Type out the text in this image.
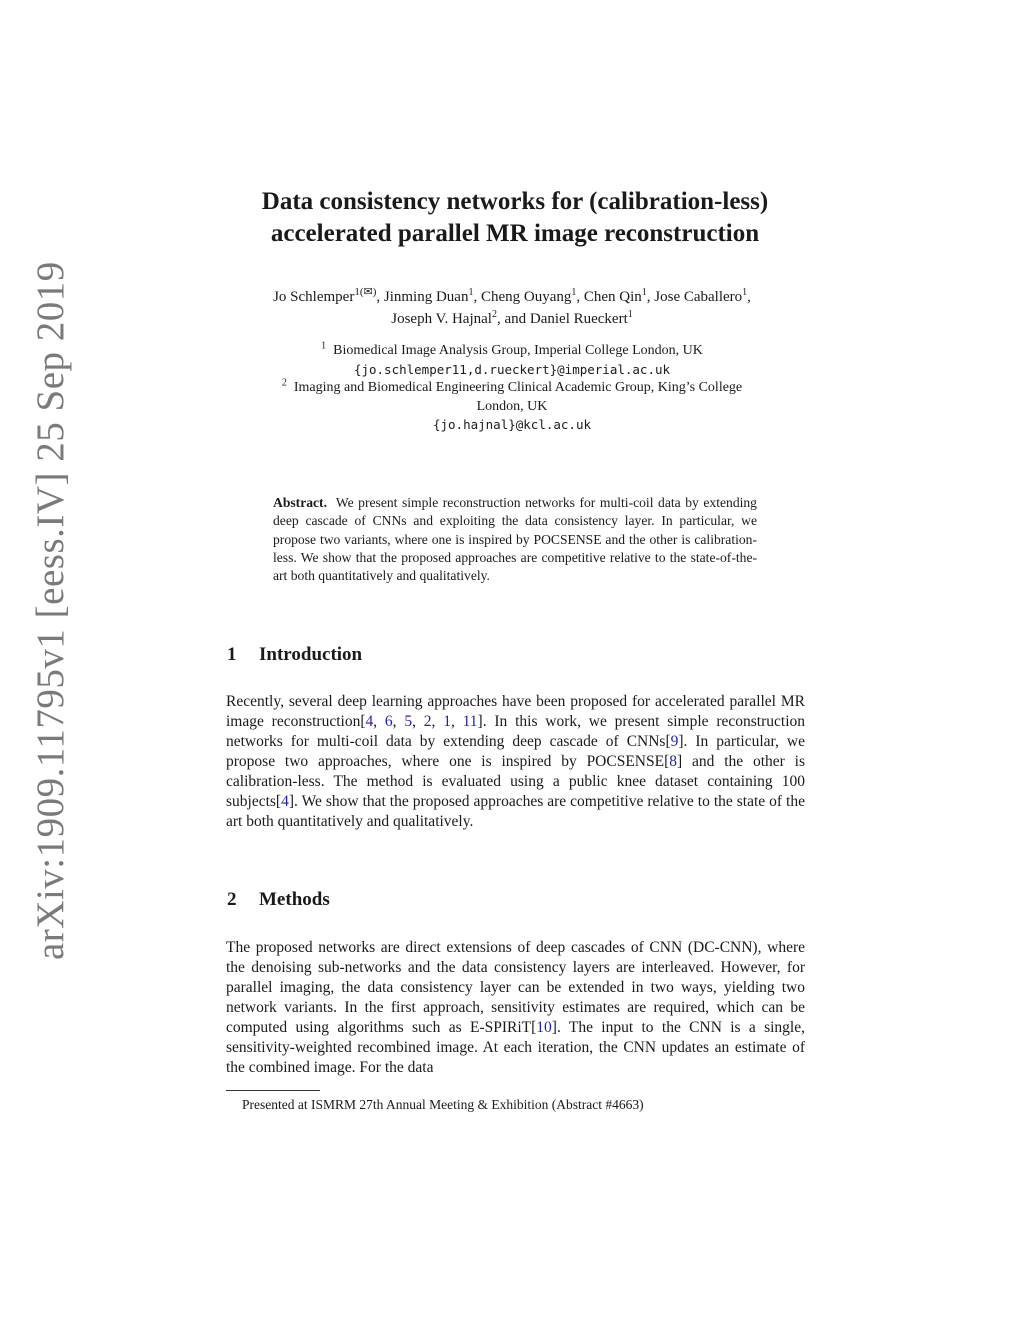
arXiv:1909.11795v1 [eess.IV] 25 Sep 2019
Data consistency networks for (calibration-less)
accelerated parallel MR image reconstruction
Jo Schlemper$^{1(✉)}$, Jinming Duan$^1$, Cheng Ouyang$^1$, Chen Qin$^1$, Jose Caballero$^1$,
Joseph V. Hajnal$^2$, and Daniel Rueckert$^1$
$^1$ Biomedical Image Analysis Group, Imperial College London, UK
{jo.schlemper11,d.rueckert}@imperial.ac.uk
$^2$ Imaging and Biomedical Engineering Clinical Academic Group, King’s College
London, UK
{jo.hajnal}@kcl.ac.uk
Abstract. We present simple reconstruction networks for multi-coil data by extending deep cascade of CNNs and exploiting the data consistency layer. In particular, we propose two variants, where one is inspired by POCSENSE and the other is calibration-less. We show that the proposed approaches are competitive relative to the state-of-the-art both quantitatively and qualitatively.
1 Introduction
Recently, several deep learning approaches have been proposed for accelerated parallel MR image reconstruction[4, 6, 5, 2, 1, 11]. In this work, we present simple reconstruction networks for multi-coil data by extending deep cascade of CNNs[9]. In particular, we propose two approaches, where one is inspired by POCSENSE[8] and the other is calibration-less. The method is evaluated using a public knee dataset containing 100 subjects[4]. We show that the proposed approaches are competitive relative to the state of the art both quantitatively and qualitatively.
2 Methods
The proposed networks are direct extensions of deep cascades of CNN (DC-CNN), where the denoising sub-networks and the data consistency layers are interleaved. However, for parallel imaging, the data consistency layer can be extended in two ways, yielding two network variants. In the first approach, sensitivity estimates are required, which can be computed using algorithms such as E-SPIRiT[10]. The input to the CNN is a single, sensitivity-weighted recombined image. At each iteration, the CNN updates an estimate of the combined image. For the data
Presented at ISMRM 27th Annual Meeting & Exhibition (Abstract #4663)
